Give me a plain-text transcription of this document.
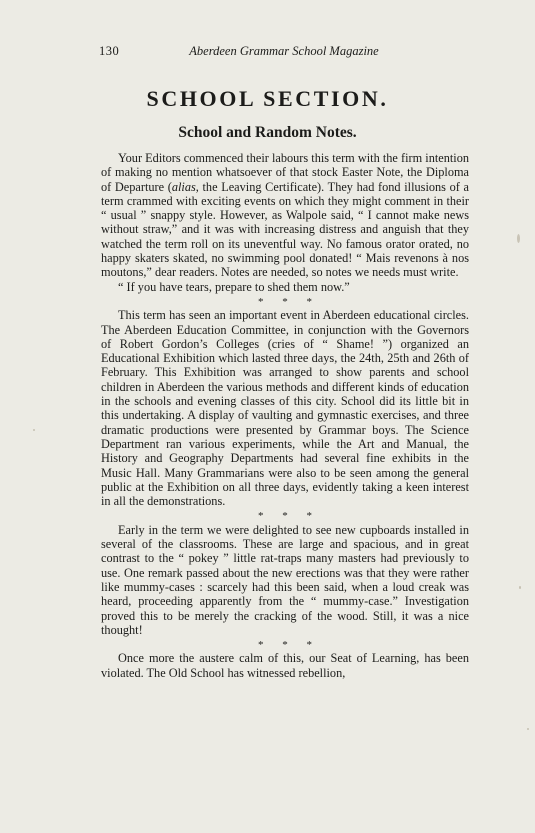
130	Aberdeen Grammar School Magazine
SCHOOL SECTION.
School and Random Notes.

Your Editors commenced their labours this term with the firm intention of making no mention whatsoever of that stock Easter Note, the Diploma of Departure (alias, the Leaving Certificate). They had fond illusions of a term crammed with exciting events on which they might comment in their “ usual ” snappy style. However, as Walpole said, “ I cannot make news without straw,” and it was with increasing distress and anguish that they watched the term roll on its uneventful way. No famous orator orated, no happy skaters skated, no swimming pool donated! “ Mais revenons à nos moutons,” dear readers. Notes are needed, so notes we needs must write.

“ If you have tears, prepare to shed them now.”

* * *

This term has seen an important event in Aberdeen educational circles. The Aberdeen Education Committee, in conjunction with the Governors of Robert Gordon’s Colleges (cries of “ Shame! ”) organized an Educational Exhibition which lasted three days, the 24th, 25th and 26th of February. This Exhibition was arranged to show parents and school children in Aberdeen the various methods and different kinds of education in the schools and evening classes of this city. School did its little bit in this undertaking. A display of vaulting and gymnastic exercises, and three dramatic productions were presented by Grammar boys. The Science Department ran various experiments, while the Art and Manual, the History and Geography Departments had several fine exhibits in the Music Hall. Many Grammarians were also to be seen among the general public at the Exhibition on all three days, evidently taking a keen interest in all the demonstrations.

* * *

Early in the term we were delighted to see new cupboards installed in several of the classrooms. These are large and spacious, and in great contrast to the “ pokey ” little rat-traps many masters had previously to use. One remark passed about the new erections was that they were rather like mummy-cases : scarcely had this been said, when a loud creak was heard, proceeding apparently from the “ mummy-case.” Investigation proved this to be merely the cracking of the wood. Still, it was a nice thought!

* * *

Once more the austere calm of this, our Seat of Learning, has been violated. The Old School has witnessed rebellion,
